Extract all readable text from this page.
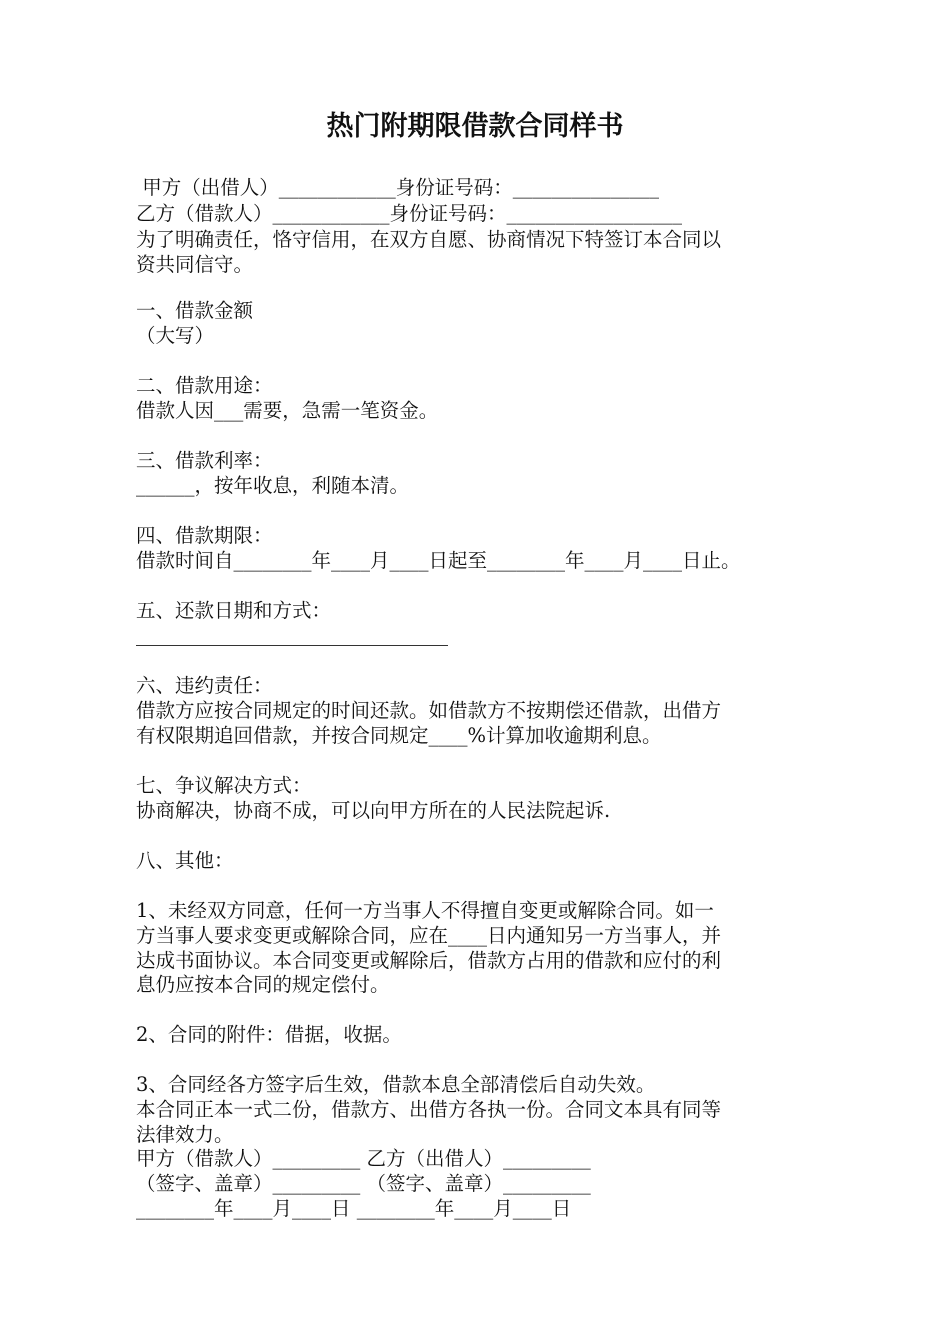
热门附期限借款合同样书
甲方（出借人）____________身份证号码：_______________
乙方（借款人）____________身份证号码：__________________
为了明确责任，恪守信用，在双方自愿、协商情况下特签订本合同以
资共同信守。
一、借款金额
（大写）
二、借款用途：
借款人因___需要，急需一笔资金。
三、借款利率：
______，按年收息，利随本清。
四、借款期限：
借款时间自________年____月____日起至________年____月____日止。
五、还款日期和方式：
六、违约责任：
借款方应按合同规定的时间还款。如借款方不按期偿还借款，出借方
有权限期追回借款，并按合同规定____%计算加收逾期利息。
七、争议解决方式：
协商解决，协商不成，可以向甲方所在的人民法院起诉.
八、其他：
1、未经双方同意，任何一方当事人不得擅自变更或解除合同。如一
方当事人要求变更或解除合同，应在____日内通知另一方当事人，并
达成书面协议。本合同变更或解除后，借款方占用的借款和应付的利
息仍应按本合同的规定偿付。
2、合同的附件：借据，收据。
3、合同经各方签字后生效，借款本息全部清偿后自动失效。
本合同正本一式二份，借款方、出借方各执一份。合同文本具有同等
法律效力。
甲方（借款人）_________ 乙方（出借人）_________
（签字、盖章）_________ （签字、盖章）_________
________年____月____日 ________年____月____日
